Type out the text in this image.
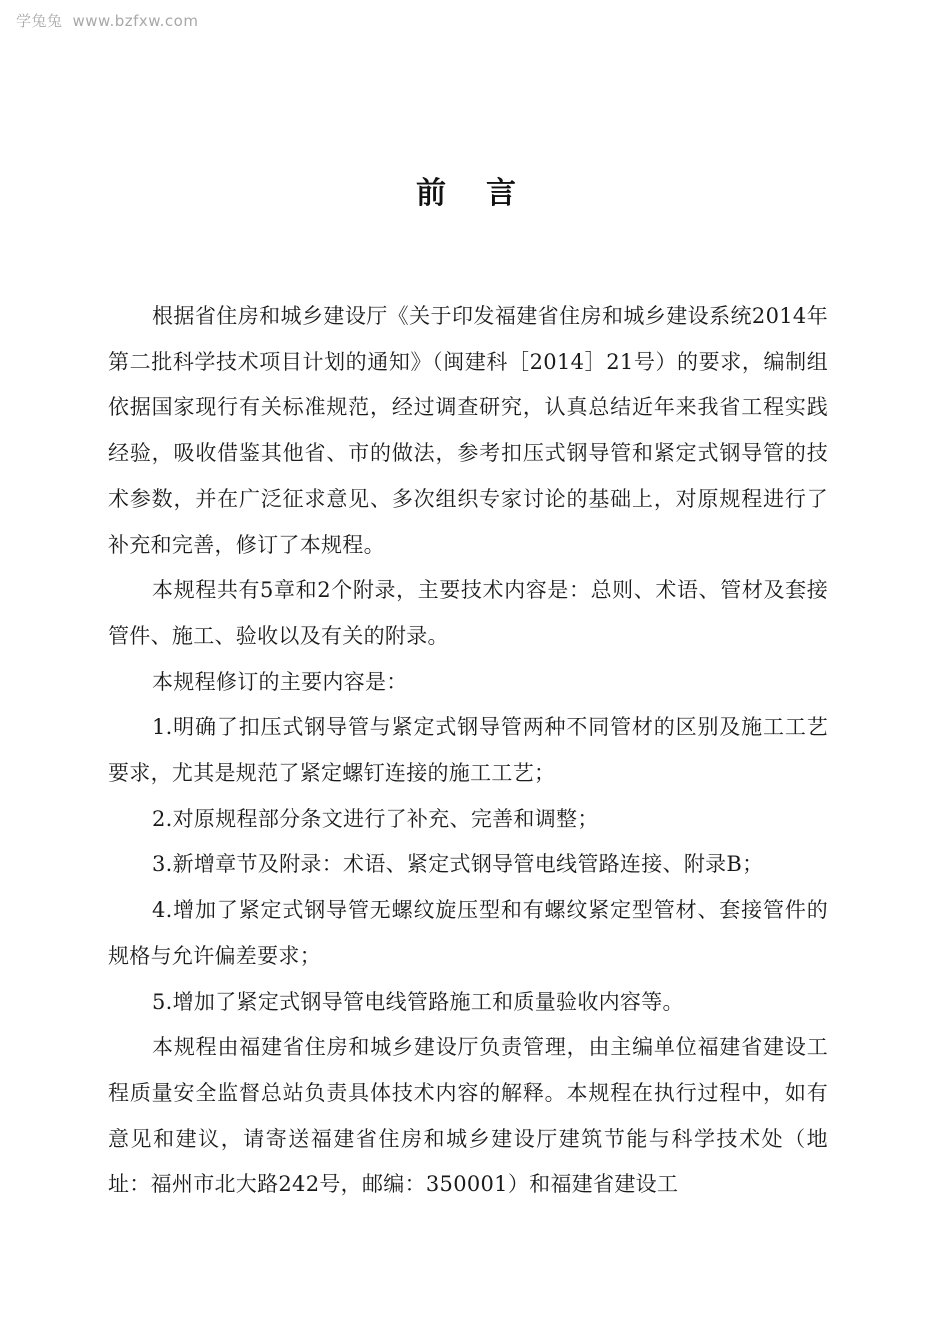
学兔兔 www.bzfxw.com
前言

根据省住房和城乡建设厅《关于印发福建省住房和城乡建设系统2014年第二批科学技术项目计划的通知》（闽建科［2014］21号）的要求，编制组依据国家现行有关标准规范，经过调查研究，认真总结近年来我省工程实践经验，吸收借鉴其他省、市的做法，参考扣压式钢导管和紧定式钢导管的技术参数，并在广泛征求意见、多次组织专家讨论的基础上，对原规程进行了补充和完善，修订了本规程。

本规程共有5章和2个附录，主要技术内容是：总则、术语、管材及套接管件、施工、验收以及有关的附录。

本规程修订的主要内容是：

1.明确了扣压式钢导管与紧定式钢导管两种不同管材的区别及施工工艺要求，尤其是规范了紧定螺钉连接的施工工艺；

2.对原规程部分条文进行了补充、完善和调整；

3.新增章节及附录：术语、紧定式钢导管电线管路连接、附录B；

4.增加了紧定式钢导管无螺纹旋压型和有螺纹紧定型管材、套接管件的规格与允许偏差要求；

5.增加了紧定式钢导管电线管路施工和质量验收内容等。

本规程由福建省住房和城乡建设厅负责管理，由主编单位福建省建设工程质量安全监督总站负责具体技术内容的解释。本规程在执行过程中，如有意见和建议，请寄送福建省住房和城乡建设厅建筑节能与科学技术处（地址：福州市北大路242号，邮编：350001）和福建省建设工
